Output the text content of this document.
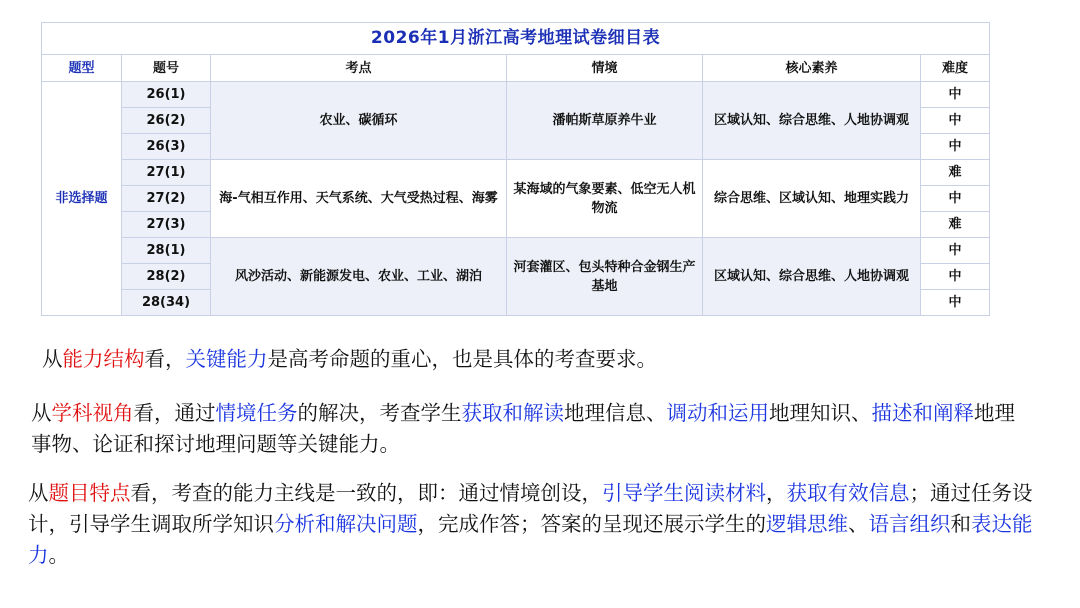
2026年1月浙江高考地理试卷细目表					
题型	题号	考点	情境	核心素养	难度
非选择题	26(1)	农业、碳循环	潘帕斯草原养牛业	区域认知、综合思维、人地协调观	中
	26(2)				中
	26(3)				中
	27(1)	海-气相互作用、天气系统、大气受热过程、海雾	某海域的气象要素、低空无人机物流	综合思维、区域认知、地理实践力	难
	27(2)				中
	27(3)				难
	28(1)	风沙活动、新能源发电、农业、工业、湖泊	河套灌区、包头特种合金钢生产基地	区域认知、综合思维、人地协调观	中
	28(2)				中
	28(34)				中
从能力结构看，关键能力是高考命题的重心，也是具体的考查要求。
从学科视角看，通过情境任务的解决，考查学生获取和解读地理信息、调动和运用地理知识、描述和阐释地理事物、论证和探讨地理问题等关键能力。
从题目特点看，考查的能力主线是一致的，即：通过情境创设，引导学生阅读材料，获取有效信息；通过任务设计，引导学生调取所学知识分析和解决问题，完成作答；答案的呈现还展示学生的逻辑思维、语言组织和表达能力。
